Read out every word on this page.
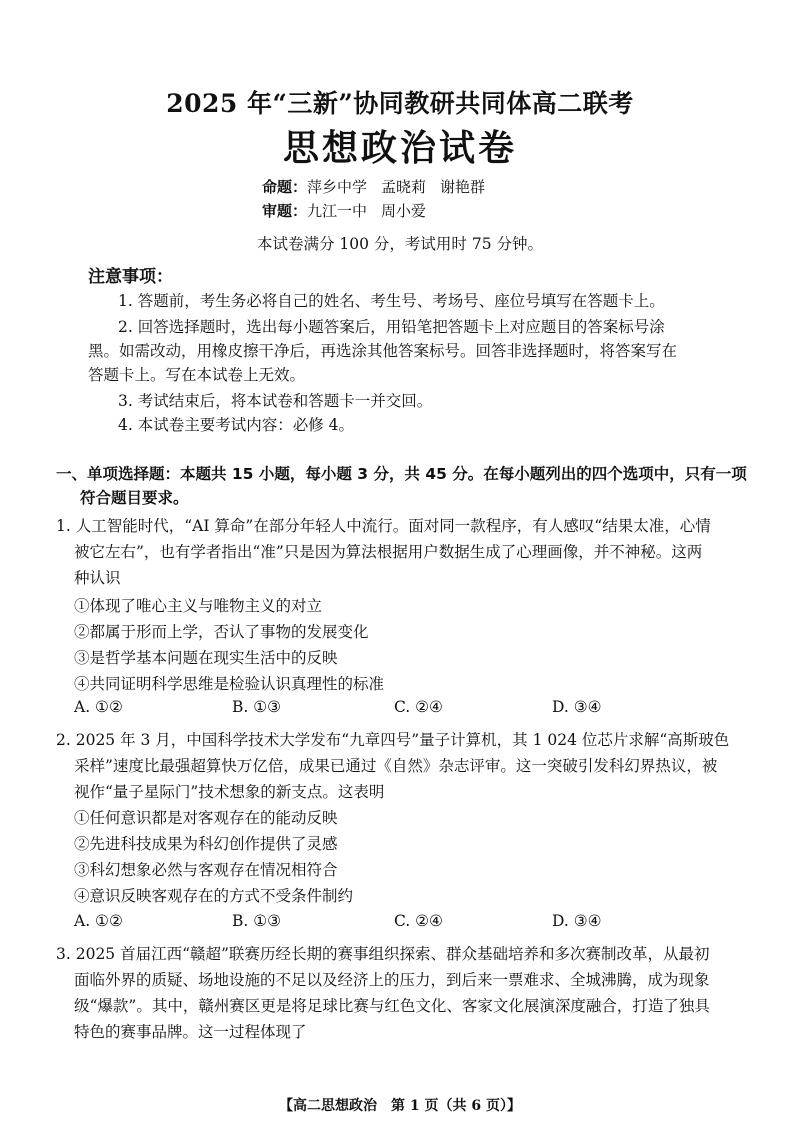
2025 年“三新”协同教研共同体高二联考
思想政治试卷
命题：萍乡中学 孟晓莉 谢艳群
审题：九江一中 周小爱
本试卷满分 100 分，考试用时 75 分钟。
注意事项：
1. 答题前，考生务必将自己的姓名、考生号、考场号、座位号填写在答题卡上。
2. 回答选择题时，选出每小题答案后，用铅笔把答题卡上对应题目的答案标号涂
黑。如需改动，用橡皮擦干净后，再选涂其他答案标号。回答非选择题时，将答案写在
答题卡上。写在本试卷上无效。
3. 考试结束后，将本试卷和答题卡一并交回。
4. 本试卷主要考试内容：必修 4。
一、单项选择题：本题共 15 小题，每小题 3 分，共 45 分。在每小题列出的四个选项中，只有一项
符合题目要求。
1. 人工智能时代，“AI 算命”在部分年轻人中流行。面对同一款程序，有人感叹“结果太准，心情
被它左右”，也有学者指出“准”只是因为算法根据用户数据生成了心理画像，并不神秘。这两
种认识
①体现了唯心主义与唯物主义的对立
②都属于形而上学，否认了事物的发展变化
③是哲学基本问题在现实生活中的反映
④共同证明科学思维是检验认识真理性的标准
A. ①②	B. ①③	C. ②④	D. ③④
2. 2025 年 3 月，中国科学技术大学发布“九章四号”量子计算机，其 1 024 位芯片求解“高斯玻色
采样”速度比最强超算快万亿倍，成果已通过《自然》杂志评审。这一突破引发科幻界热议，被
视作“量子星际门”技术想象的新支点。这表明
①任何意识都是对客观存在的能动反映
②先进科技成果为科幻创作提供了灵感
③科幻想象必然与客观存在情况相符合
④意识反映客观存在的方式不受条件制约
A. ①②	B. ①③	C. ②④	D. ③④
3. 2025 首届江西“赣超”联赛历经长期的赛事组织探索、群众基础培养和多次赛制改革，从最初
面临外界的质疑、场地设施的不足以及经济上的压力，到后来一票难求、全城沸腾，成为现象
级“爆款”。其中，赣州赛区更是将足球比赛与红色文化、客家文化展演深度融合，打造了独具
特色的赛事品牌。这一过程体现了
【高二思想政治　第 1 页（共 6 页）】
